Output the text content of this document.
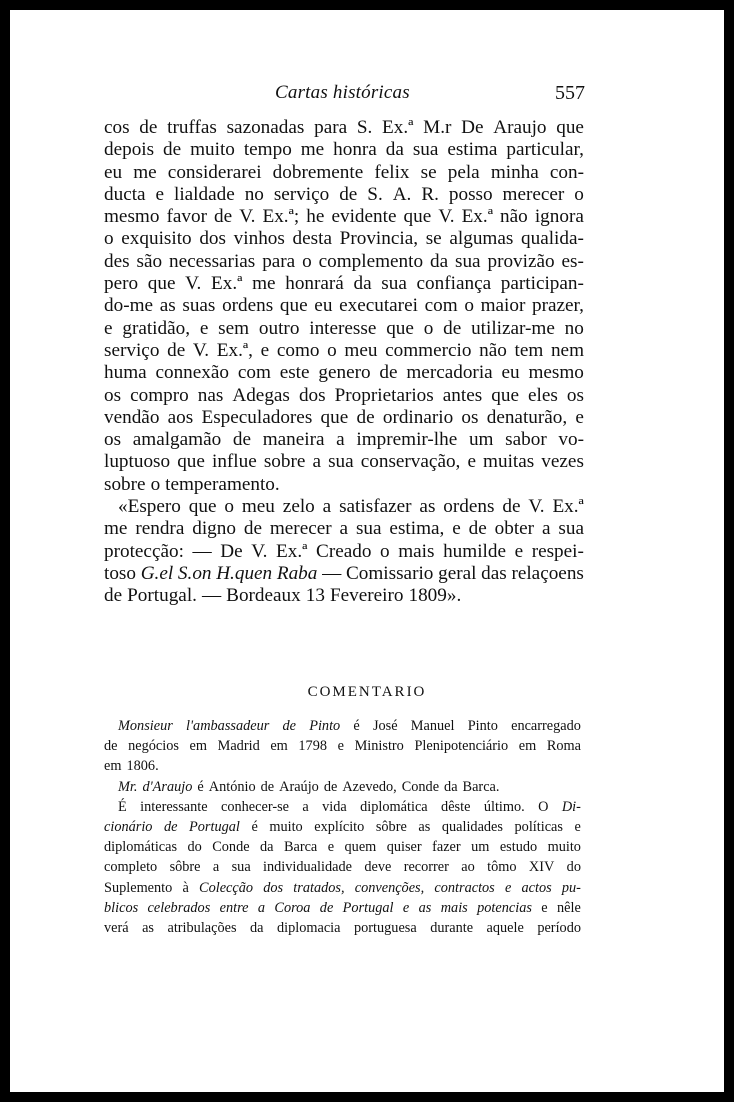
Cartas históricas	557
cos de truffas sazonadas para S. Ex.ª M.r De Araujo que
depois de muito tempo me honra da sua estima particular,
eu me considerarei dobremente felix se pela minha con-
ducta e lialdade no serviço de S. A. R. posso merecer o
mesmo favor de V. Ex.ª; he evidente que V. Ex.ª não ignora
o exquisito dos vinhos desta Provincia, se algumas qualida-
des são necessarias para o complemento da sua provizão es-
pero que V. Ex.ª me honrará da sua confiança participan-
do-me as suas ordens que eu executarei com o maior prazer,
e gratidão, e sem outro interesse que o de utilizar-me no
serviço de V. Ex.ª, e como o meu commercio não tem nem
huma connexão com este genero de mercadoria eu mesmo
os compro nas Adegas dos Proprietarios antes que eles os
vendão aos Especuladores que de ordinario os denaturão, e
os amalgamão de maneira a impremir-lhe um sabor vo-
luptuoso que influe sobre a sua conservação, e muitas vezes
sobre o temperamento.
«Espero que o meu zelo a satisfazer as ordens de V. Ex.ª
me rendra digno de merecer a sua estima, e de obter a sua
protecção: — De V. Ex.ª Creado o mais humilde e respei-
toso G.el S.on H.quen Raba — Comissario geral das relaçoens
de Portugal. — Bordeaux 13 Fevereiro 1809».
COMENTARIO
Monsieur l'ambassadeur de Pinto é José Manuel Pinto encarregado
de negócios em Madrid em 1798 e Ministro Plenipotenciário em Roma
em 1806.
Mr. d'Araujo é António de Araújo de Azevedo, Conde da Barca.
É interessante conhecer-se a vida diplomática dêste último. O Di-
cionário de Portugal é muito explícito sôbre as qualidades políticas e
diplomáticas do Conde da Barca e quem quiser fazer um estudo muito
completo sôbre a sua individualidade deve recorrer ao tômo XIV do
Suplemento à Colecção dos tratados, convenções, contractos e actos pu-
blicos celebrados entre a Coroa de Portugal e as mais potencias e nêle
verá as atribulações da diplomacia portuguesa durante aquele período
